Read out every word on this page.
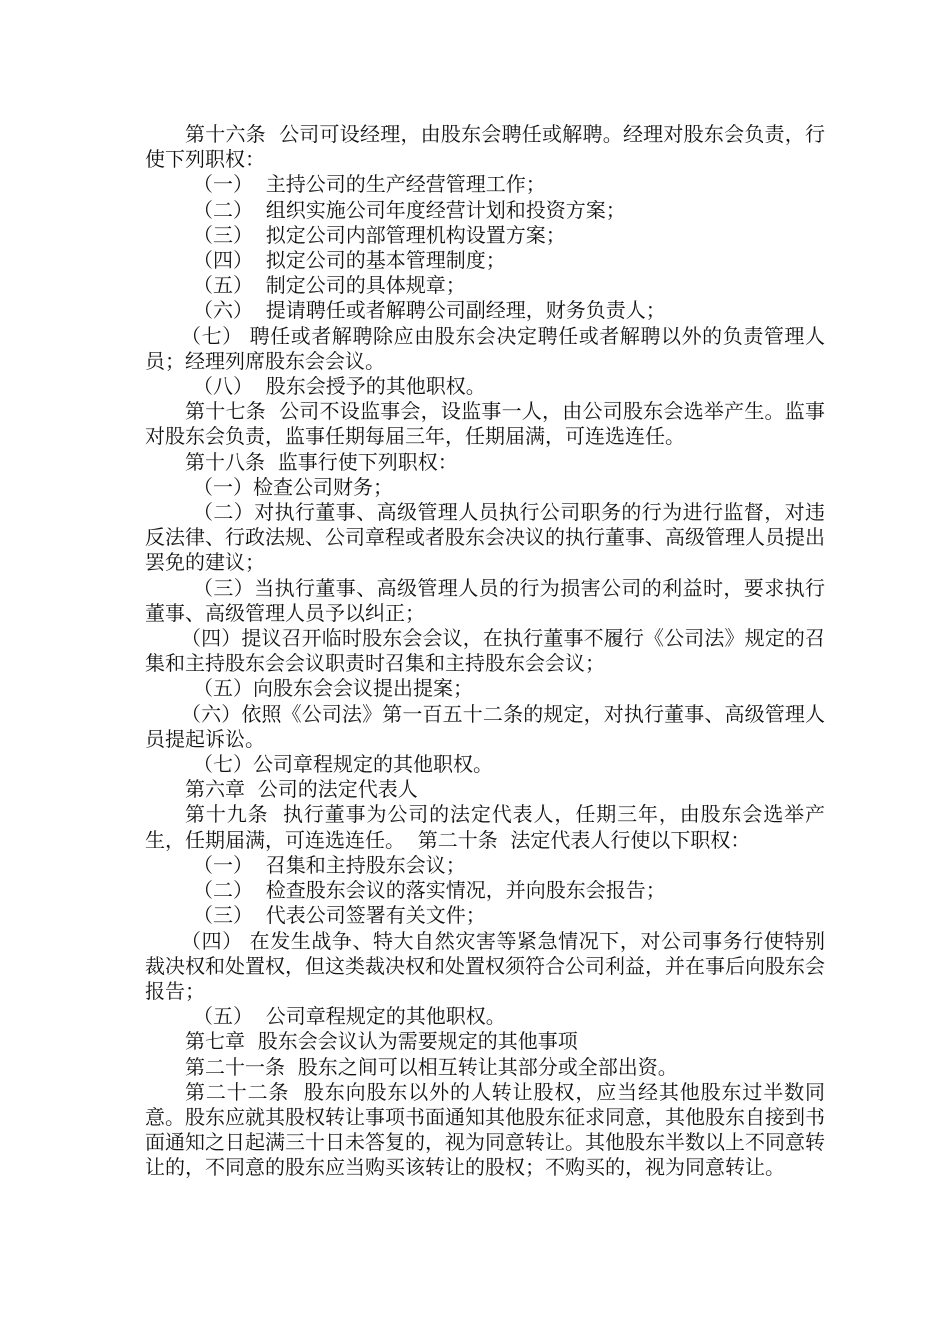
第十六条  公司可设经理，由股东会聘任或解聘。经理对股东会负责，行使下列职权：

（一）  主持公司的生产经营管理工作；

（二）  组织实施公司年度经营计划和投资方案；

（三）  拟定公司内部管理机构设置方案；

（四）  拟定公司的基本管理制度；

（五）  制定公司的具体规章；

（六）  提请聘任或者解聘公司副经理，财务负责人；

（七） 聘任或者解聘除应由股东会决定聘任或者解聘以外的负责管理人员；经理列席股东会会议。

（八）  股东会授予的其他职权。

第十七条  公司不设监事会，设监事一人，由公司股东会选举产生。监事对股东会负责，监事任期每届三年，任期届满，可连选连任。

第十八条  监事行使下列职权：

（一）检查公司财务；

（二）对执行董事、高级管理人员执行公司职务的行为进行监督，对违反法律、行政法规、公司章程或者股东会决议的执行董事、高级管理人员提出罢免的建议；

（三）当执行董事、高级管理人员的行为损害公司的利益时，要求执行董事、高级管理人员予以纠正；

（四）提议召开临时股东会会议，在执行董事不履行《公司法》规定的召集和主持股东会会议职责时召集和主持股东会会议；

（五）向股东会会议提出提案；

（六）依照《公司法》第一百五十二条的规定，对执行董事、高级管理人员提起诉讼。

（七）公司章程规定的其他职权。

第六章  公司的法定代表人

第十九条  执行董事为公司的法定代表人，任期三年，由股东会选举产生，任期届满，可连选连任。  第二十条  法定代表人行使以下职权：

（一）  召集和主持股东会议；

（二）  检查股东会议的落实情况，并向股东会报告；

（三）  代表公司签署有关文件；

（四） 在发生战争、特大自然灾害等紧急情况下，对公司事务行使特别裁决权和处置权，但这类裁决权和处置权须符合公司利益，并在事后向股东会报告；

（五）  公司章程规定的其他职权。

第七章  股东会会议认为需要规定的其他事项

第二十一条  股东之间可以相互转让其部分或全部出资。

第二十二条  股东向股东以外的人转让股权，应当经其他股东过半数同意。股东应就其股权转让事项书面通知其他股东征求同意，其他股东自接到书面通知之日起满三十日未答复的，视为同意转让。其他股东半数以上不同意转让的，不同意的股东应当购买该转让的股权；不购买的，视为同意转让。
